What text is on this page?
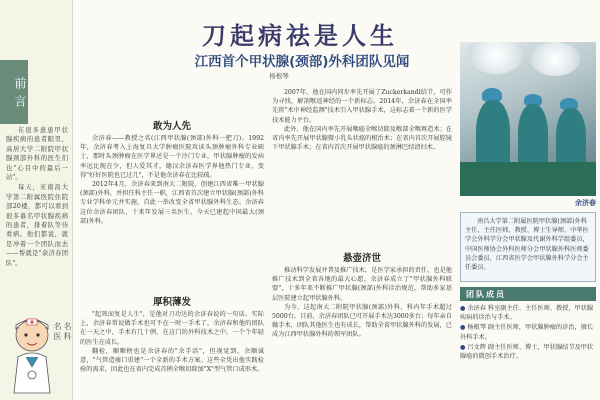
前言

在很多患患甲状腺疾病的患者眼里，高居大学二附院甲状腺颈部外科的医生们也"心目中的最后一站"。

每天，来南昌大学第二附属医院住院部20楼，都可以看到很多慕名甲状腺疾病的患者，排着队等待看病。他们都说，就是冲着一个团队而去——帮就是"余济春团队"。

名医 名科
刀起病祛是人生
江西首个甲状腺(颈部)外科团队见闻
杨根琴
余济春
敢为人先

余济春——教授之名(江西甲状腺(颈部)外科一把刀)。1992年，余济春考入上海复旦大学肿瘤医院攻读头颈肿瘤外科专业硕士，那时头颈肿瘤在医学界还是一个冷门专业，甲状腺肿瘤的发病率远比现在少，但人爱其才，德汉余济春医学界他热门专业，变得"好好医院也已过几"，不是他余济春在比较疏。

2012年4月，余济春来到南大二附院，创建江西省唯一甲状腺(颈部)外科，并担任科主任一职，江西省首次建立甲状腺(颈部)外科专业学科单元并实施，自此一举改变全省甲状腺外科生态。余济春这位余济春团队，十来年发展三名医生，今天已建起中国最大(颈部)外科。

厚积薄发

"起死而复是人生"，是他对刀功达的余济春说的一句话。实际上，余济春常说做手术也可不在一时一手术了，余济春和他的团队在一天之中，手术有几十例，在这门的外科技术之中，一个个年轻的医生在成长。

翻检，顺顺榜也是余济春的"余手活"，但视觉到，余顺诚意，"气管造瘘口重建"一个全新的手术方案。这些全凭出他实践检验的需求，因此也在省内完成首例全喉切除加"X"型气管口成形术。

2007年，他在国内同步率先开展了Zuckerkandl结节，可作为寻找，解剖喉返神经的一个新标志。2014年，余济春在全国率先将"术中神经监测"技术引入甲状腺手术，这标志着一个新的医学技术能力平台。

此外，他在国内率先开展喉癌全喉切除及喉部全喉再造术；在省内率先开展甲状腺微小乳头状癌的根治术；在省内首次开展腔镜下甲状腺手术；在省内首次开展甲状腺癌的颈淋巴结清扫术。

悬壶济世

推动科学发展并普及推广技术，是医学家承担的责任，也是他推广技术到全省各地的最大心愿，余济春成立了"甲状腺外科联盟"，十多年来不断推广甲状腺(颈部)外科诊治规范，帮助多家基层医院建立起甲状腺外科。

为今，这起南大二附院甲状腺(颈部)外科，科内年手术超过5000台。目前，余济春团队已可开展手术达3000多台；每年亲自做手术，团队其他医生也有成长，帮助全省甲状腺外科的发展，已成为江西甲状腺外科的领军团队。

南昌大学第二附属医院甲状腺(颈部)外科主任、主任医师、教授、博士生导师，中华医学会外科学分会甲状腺及代谢外科学组委员，中国医师协会外科医师分会甲状腺外科医师委员会委员，江西省医学会甲状腺外科学分会主任委员。

团队成员
● 余济春 科室副主任、主任医师、教授，甲状腺疾病的诊治与手术。
● 杨根琴 副主任医师，甲状腺肿瘤的诊治，擅长外科手术。
● 吕文辉 副主任医师、博士，甲状腺结节及甲状腺癌的微创手术治疗。
